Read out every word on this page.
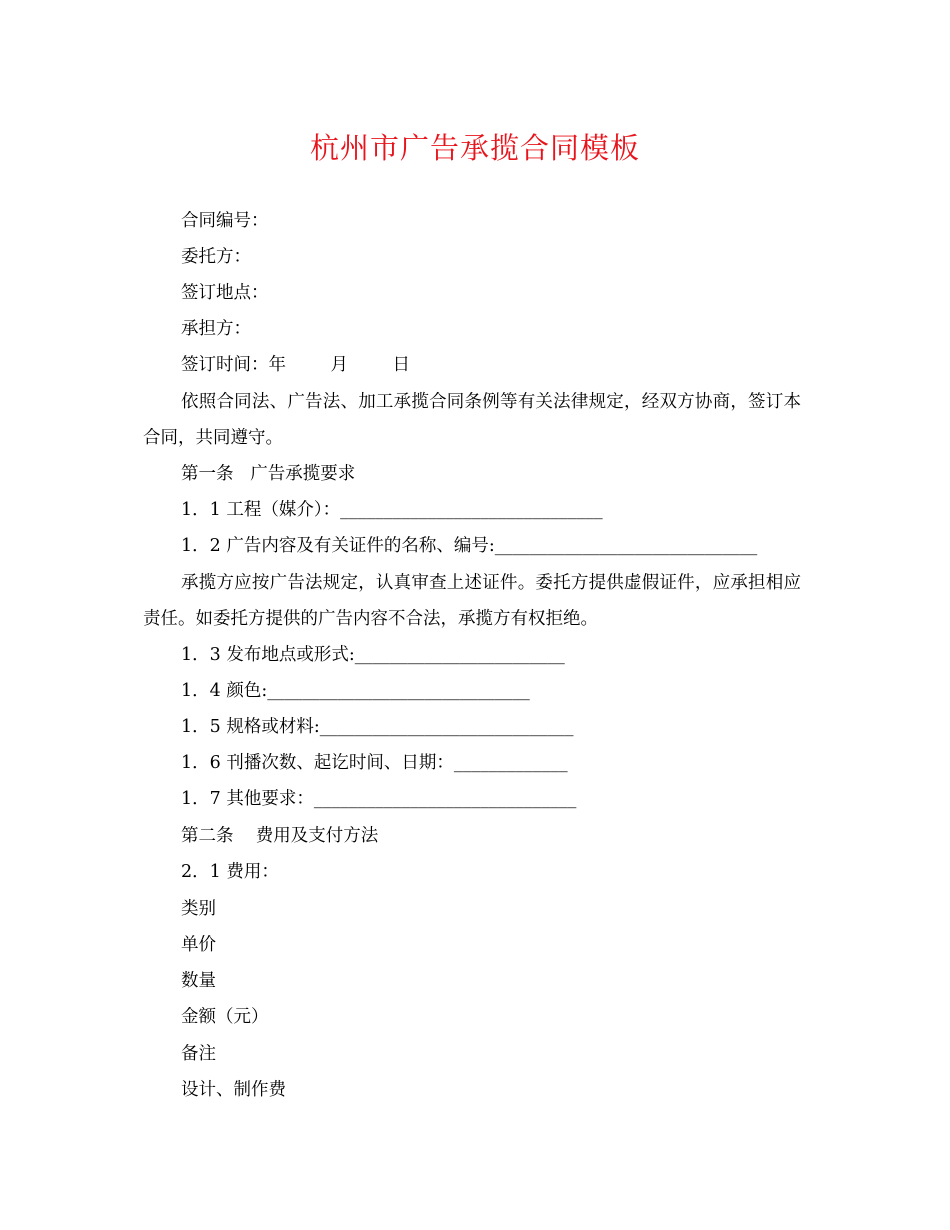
杭州市广告承揽合同模板
合同编号：
委托方：
签订地点：
承担方：
签订时间：年        月        日
依照合同法、广告法、加工承揽合同条例等有关法律规定，经双方协商，签订本合同，共同遵守。
第一条   广告承揽要求
1．1 工程（媒介）：______________________________
1．2 广告内容及有关证件的名称、编号:______________________________
承揽方应按广告法规定，认真审查上述证件。委托方提供虚假证件，应承担相应责任。如委托方提供的广告内容不合法，承揽方有权拒绝。
1．3 发布地点或形式:________________________
1．4 颜色:______________________________
1．5 规格或材料:_____________________________
1．6 刊播次数、起讫时间、日期：_____________
1．7 其他要求：______________________________
第二条    费用及支付方法
2．1 费用：
类别
单价
数量
金额（元）
备注
设计、制作费
